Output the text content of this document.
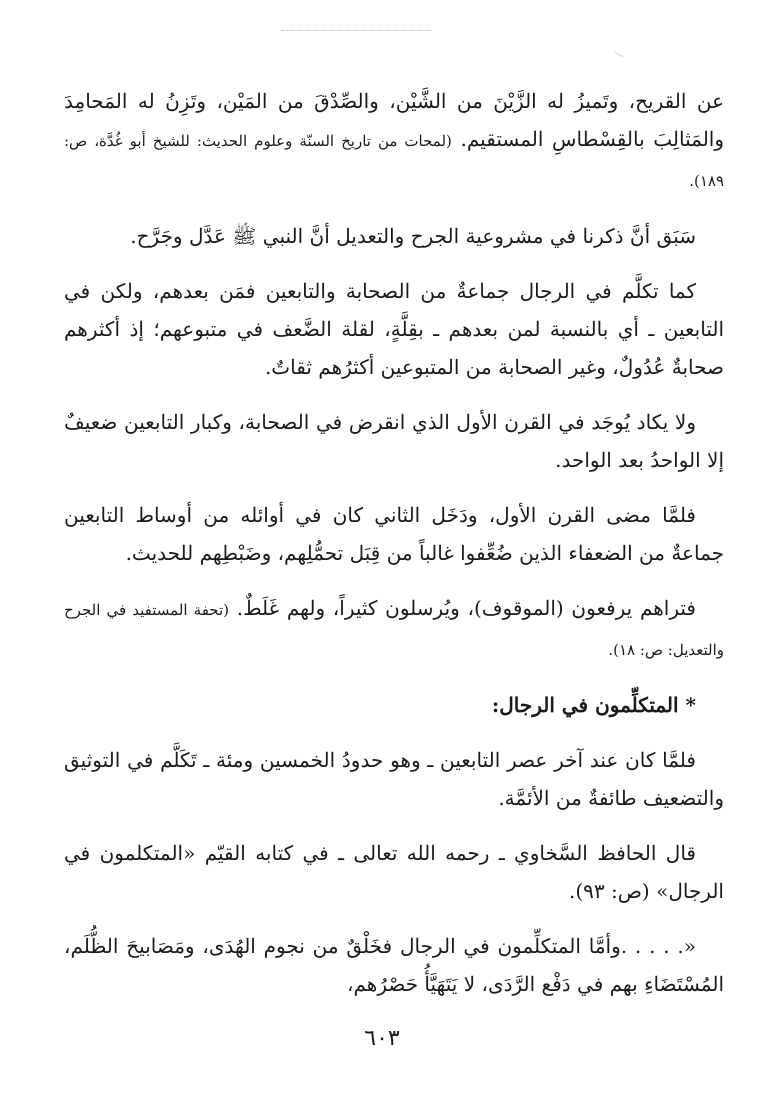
عن القريح، وتَميزُ له الزَّيْنَ من الشَّيْن، والصِّدْقَ من المَيْن، وتَزِنُ له المَحامِدَ والمَثالِبَ بالقِسْطاسِ المستقيم. (لمحات من تاريخ السنّة وعلوم الحديث: للشيخ أبو غُدَّة، ص: ١٨٩).

سَبَق أنَّ ذكرنا في مشروعية الجرح والتعديل أنَّ النبي ﷺ عَدَّل وجَرَّح.

كما تكلَّم في الرجال جماعةٌ من الصحابة والتابعين فمَن بعدهم، ولكن في التابعين ـ أي بالنسبة لمن بعدهم ـ بقِلَّةٍ، لقلة الضَّعف في متبوعهم؛ إذ أكثرهم صحابةٌ عُدُولٌ، وغير الصحابة من المتبوعين أكثرُهم ثقاتٌ.

ولا يكاد يُوجَد في القرن الأول الذي انقرض في الصحابة، وكبار التابعين ضعيفٌ إلا الواحدُ بعد الواحد.

فلمَّا مضى القرن الأول، ودَخَل الثاني كان في أوائله من أوساط التابعين جماعةٌ من الضعفاء الذين ضُعِّفوا غالباً من قِبَل تحمُّلِهم، وضَبْطِهم للحديث.

فتراهم يرفعون (الموقوف)، ويُرسلون كثيراً، ولهم غَلَطٌ. (تحفة المستفيد في الجرح والتعديل: ص: ١٨).

* المتكلِّمون في الرجال:

فلمَّا كان عند آخر عصر التابعين ـ وهو حدودُ الخمسين ومئة ـ تَكَلَّم في التوثيق والتضعيف طائفةٌ من الأئمَّة.

قال الحافظ السَّخاوي ـ رحمه الله تعالى ـ في كتابه القيّم «المتكلمون في الرجال» (ص: ٩٣).

«. . . . .وأمَّا المتكلِّمون في الرجال فخَلْقٌ من نجوم الهُدَى، ومَصَابيحَ الظُّلَم، المُسْتَضَاءِ بهم في دَفْع الرَّدَى، لا يَتَهَيَّأُ حَصْرُهم،

٦٠٣
